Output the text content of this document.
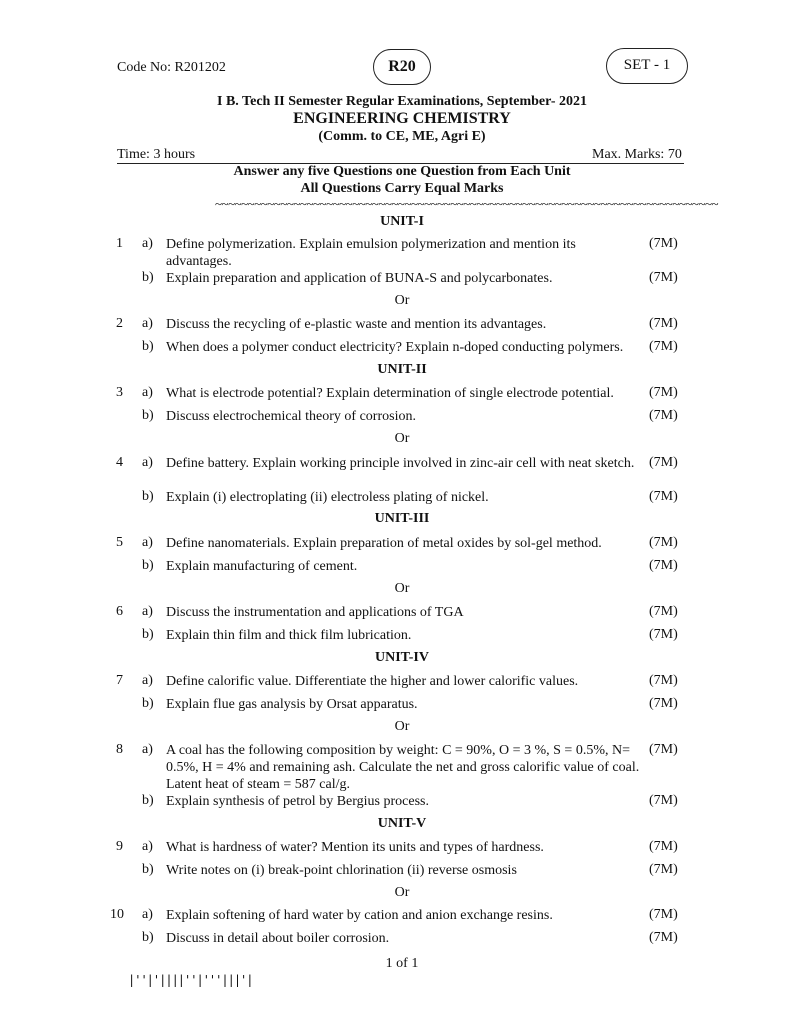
Code No: R201202	R20	SET - 1
I B. Tech II Semester Regular Examinations, September- 2021
ENGINEERING CHEMISTRY
(Comm. to CE, ME, Agri E)
Time: 3 hours	Max. Marks: 70
Answer any five Questions one Question from Each Unit
All Questions Carry Equal Marks
~~~~~~~~~~~~~~~~~~~~~~~~~~~~~~~~~~~~~~~~~~~~~~~~~~~~~~~~~~~~~~~~~~~~~~~~~~~~~
UNIT-I
1 a) Define polymerization. Explain emulsion polymerization and mention its advantages.
(7M)
b) Explain preparation and application of BUNA-S and polycarbonates.	(7M)
Or
2 a) Discuss the recycling of e-plastic waste and mention its advantages.	(7M)
b) When does a polymer conduct electricity? Explain n-doped conducting polymers.	(7M)
UNIT-II
3 a) What is electrode potential? Explain determination of single electrode potential.	(7M)
b) Discuss electrochemical theory of corrosion.	(7M)
Or
4 a) Define battery. Explain working principle involved in zinc-air cell with neat sketch.	(7M)
b) Explain (i) electroplating (ii) electroless plating of nickel.	(7M)
UNIT-III
5 a) Define nanomaterials. Explain preparation of metal oxides by sol-gel method.	(7M)
b) Explain manufacturing of cement.	(7M)
Or
6 a) Discuss the instrumentation and applications of TGA	(7M)
b) Explain thin film and thick film lubrication.	(7M)
UNIT-IV
7 a) Define calorific value. Differentiate the higher and lower calorific values.	(7M)
b) Explain flue gas analysis by Orsat apparatus.	(7M)
Or
8 a) A coal has the following composition by weight: C = 90%, O = 3 %, S = 0.5%, N= 0.5%, H = 4% and remaining ash. Calculate the net and gross calorific value of coal. Latent heat of steam = 587 cal/g.
(7M)
b) Explain synthesis of petrol by Bergius process.	(7M)
UNIT-V
9 a) What is hardness of water? Mention its units and types of hardness.	(7M)
b) Write notes on (i) break-point chlorination (ii) reverse osmosis	(7M)
Or
10 a) Explain softening of hard water by cation and anion exchange resins.	(7M)
b) Discuss in detail about boiler corrosion.	(7M)
1 of 1
|''|'||||''|'''|||'|
